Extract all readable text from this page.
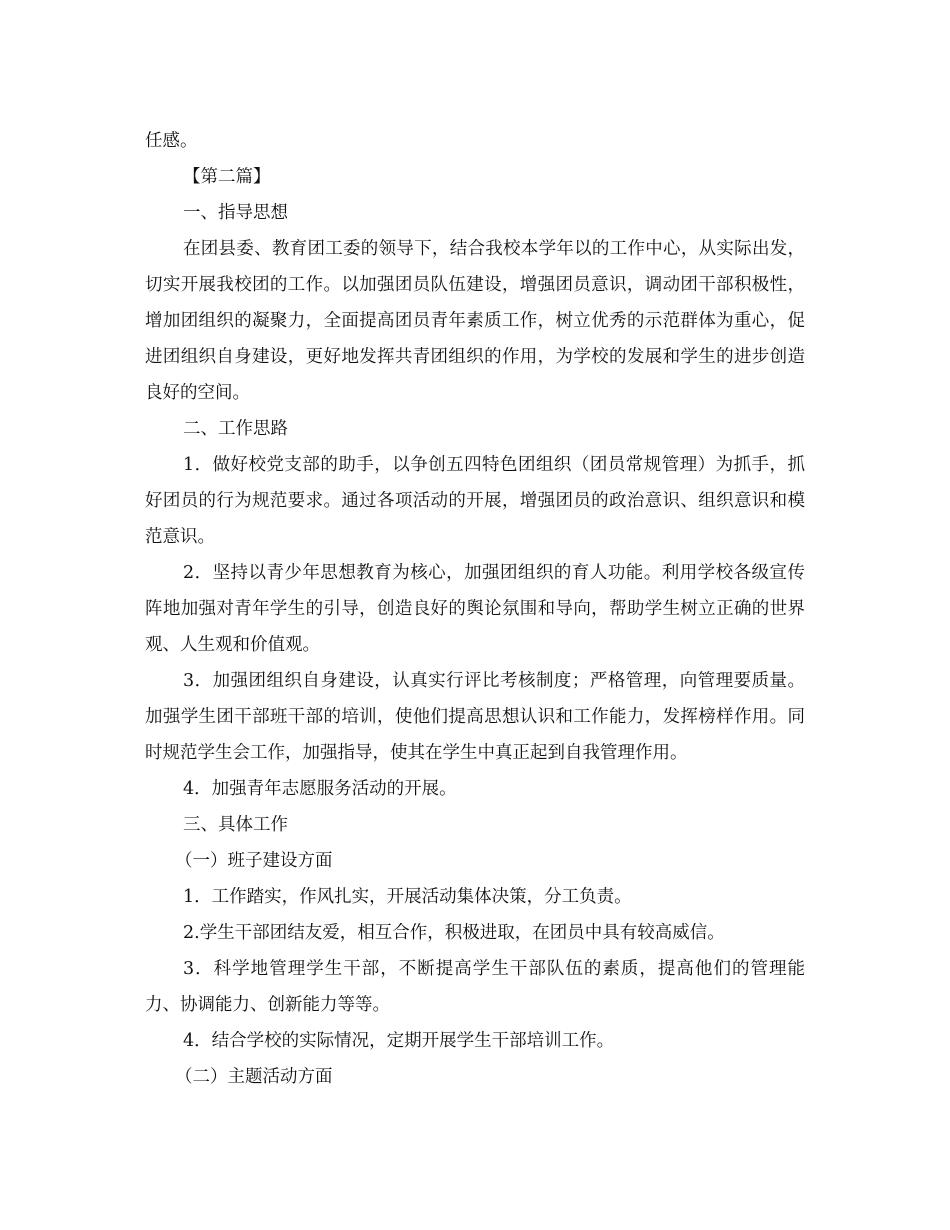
任感。

【第二篇】

一、指导思想

在团县委、教育团工委的领导下，结合我校本学年以的工作中心，从实际出发，切实开展我校团的工作。以加强团员队伍建设，增强团员意识，调动团干部积极性，增加团组织的凝聚力，全面提高团员青年素质工作，树立优秀的示范群体为重心，促进团组织自身建设，更好地发挥共青团组织的作用，为学校的发展和学生的进步创造良好的空间。

二、工作思路

1．做好校党支部的助手，以争创五四特色团组织（团员常规管理）为抓手，抓好团员的行为规范要求。通过各项活动的开展，增强团员的政治意识、组织意识和模范意识。

2．坚持以青少年思想教育为核心，加强团组织的育人功能。利用学校各级宣传阵地加强对青年学生的引导，创造良好的舆论氛围和导向，帮助学生树立正确的世界观、人生观和价值观。

3．加强团组织自身建设，认真实行评比考核制度；严格管理，向管理要质量。加强学生团干部班干部的培训，使他们提高思想认识和工作能力，发挥榜样作用。同时规范学生会工作，加强指导，使其在学生中真正起到自我管理作用。

4．加强青年志愿服务活动的开展。

三、具体工作

（一）班子建设方面

1．工作踏实，作风扎实，开展活动集体决策，分工负责。

2.学生干部团结友爱，相互合作，积极进取，在团员中具有较高威信。

3．科学地管理学生干部，不断提高学生干部队伍的素质，提高他们的管理能力、协调能力、创新能力等等。

4．结合学校的实际情况，定期开展学生干部培训工作。

（二）主题活动方面
